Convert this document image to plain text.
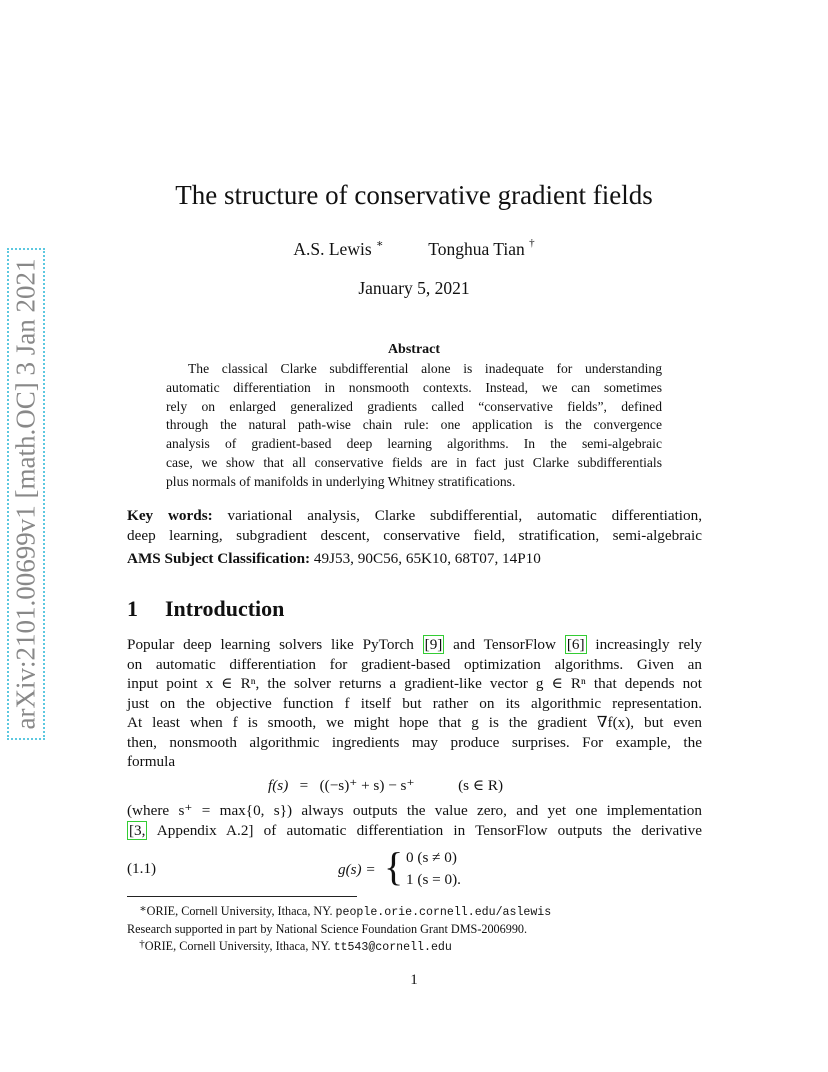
arXiv:2101.00699v1 [math.OC] 3 Jan 2021
The structure of conservative gradient fields
A.S. Lewis ∗	Tonghua Tian †
January 5, 2021
Abstract
The classical Clarke subdifferential alone is inadequate for understanding
automatic differentiation in nonsmooth contexts. Instead, we can sometimes
rely on enlarged generalized gradients called “conservative fields”, defined
through the natural path-wise chain rule: one application is the convergence
analysis of gradient-based deep learning algorithms. In the semi-algebraic
case, we show that all conservative fields are in fact just Clarke subdifferentials
plus normals of manifolds in underlying Whitney stratifications.
Key words: variational analysis, Clarke subdifferential, automatic differentiation,
deep learning, subgradient descent, conservative field, stratification, semi-algebraic
AMS Subject Classification: 49J53, 90C56, 65K10, 68T07, 14P10
1 Introduction
Popular deep learning solvers like PyTorch [9] and TensorFlow [6] increasingly rely
on automatic differentiation for gradient-based optimization algorithms. Given an
input point x ∈ Rⁿ, the solver returns a gradient-like vector g ∈ Rⁿ that depends not
just on the objective function f itself but rather on its algorithmic representation.
At least when f is smooth, we might hope that g is the gradient ∇f(x), but even
then, nonsmooth algorithmic ingredients may produce surprises. For example, the
formula
f(s) = ((−s)⁺ + s) − s⁺	(s ∈ R)
(where s⁺ = max{0, s}) always outputs the value zero, and yet one implementation
[3, Appendix A.2] of automatic differentiation in TensorFlow outputs the derivative
(1.1)	g(s) = { 0 (s ≠ 0)
1 (s = 0).
∗ORIE, Cornell University, Ithaca, NY. people.orie.cornell.edu/aslewis
Research supported in part by National Science Foundation Grant DMS-2006990.
†ORIE, Cornell University, Ithaca, NY. tt543@cornell.edu
1
